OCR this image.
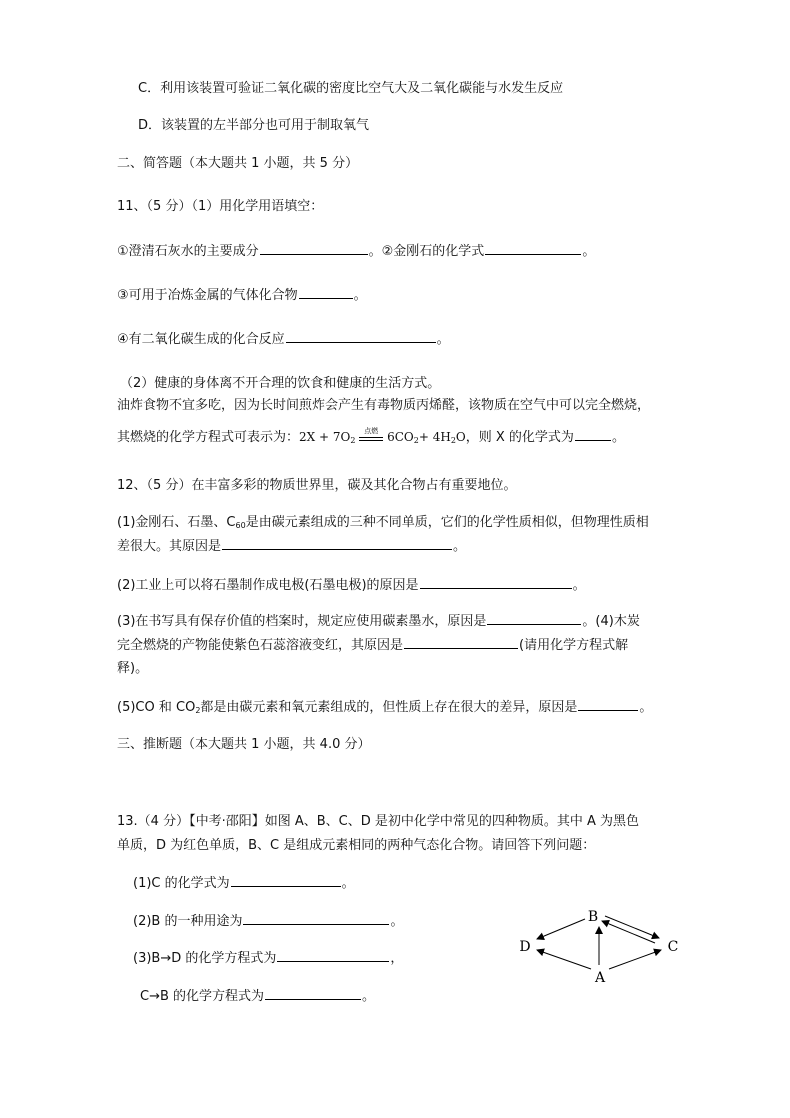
C．利用该装置可验证二氧化碳的密度比空气大及二氧化碳能与水发生反应
D．该装置的左半部分也可用于制取氧气
二、简答题（本大题共 1 小题，共 5 分）
11、（5 分）（1）用化学用语填空：
①澄清石灰水的主要成分	。②金刚石的化学式	。
③可用于冶炼金属的气体化合物	。
④有二氧化碳生成的化合反应	。
（2）健康的身体离不开合理的饮食和健康的生活方式。
油炸食物不宜多吃，因为长时间煎炸会产生有毒物质丙烯醛，该物质在空气中可以完全燃烧，
其燃烧的化学方程式可表示为：$2X + 7O_2$
点燃 $6CO_2+ 4H_2O$，则 X 的化学式为	。
12、（5 分）在丰富多彩的物质世界里，碳及其化合物占有重要地位。
(1)金刚石、石墨、$C_{60}$是由碳元素组成的三种不同单质，它们的化学性质相似，但物理性质相
差很大。其原因是	。
(2)工业上可以将石墨制作成电极(石墨电极)的原因是	。
(3)在书写具有保存价值的档案时，规定应使用碳素墨水，原因是	。(4)木炭
完全燃烧的产物能使紫色石蕊溶液变红，其原因是	(请用化学方程式解
释)。
(5)CO 和 $CO_2$都是由碳元素和氧元素组成的，但性质上存在很大的差异，原因是	。
三、推断题（本大题共 1 小题，共 4.0 分）
13.（4 分）【中考·邵阳】如图 A、B、C、D 是初中化学中常见的四种物质。其中 A 为黑色
单质，D 为红色单质，B、C 是组成元素相同的两种气态化合物。请回答下列问题：
(1)C 的化学式为	。
(2)B 的一种用途为	。
(3)B→D 的化学方程式为	，
C→B 的化学方程式为	。
B
D	C
A
